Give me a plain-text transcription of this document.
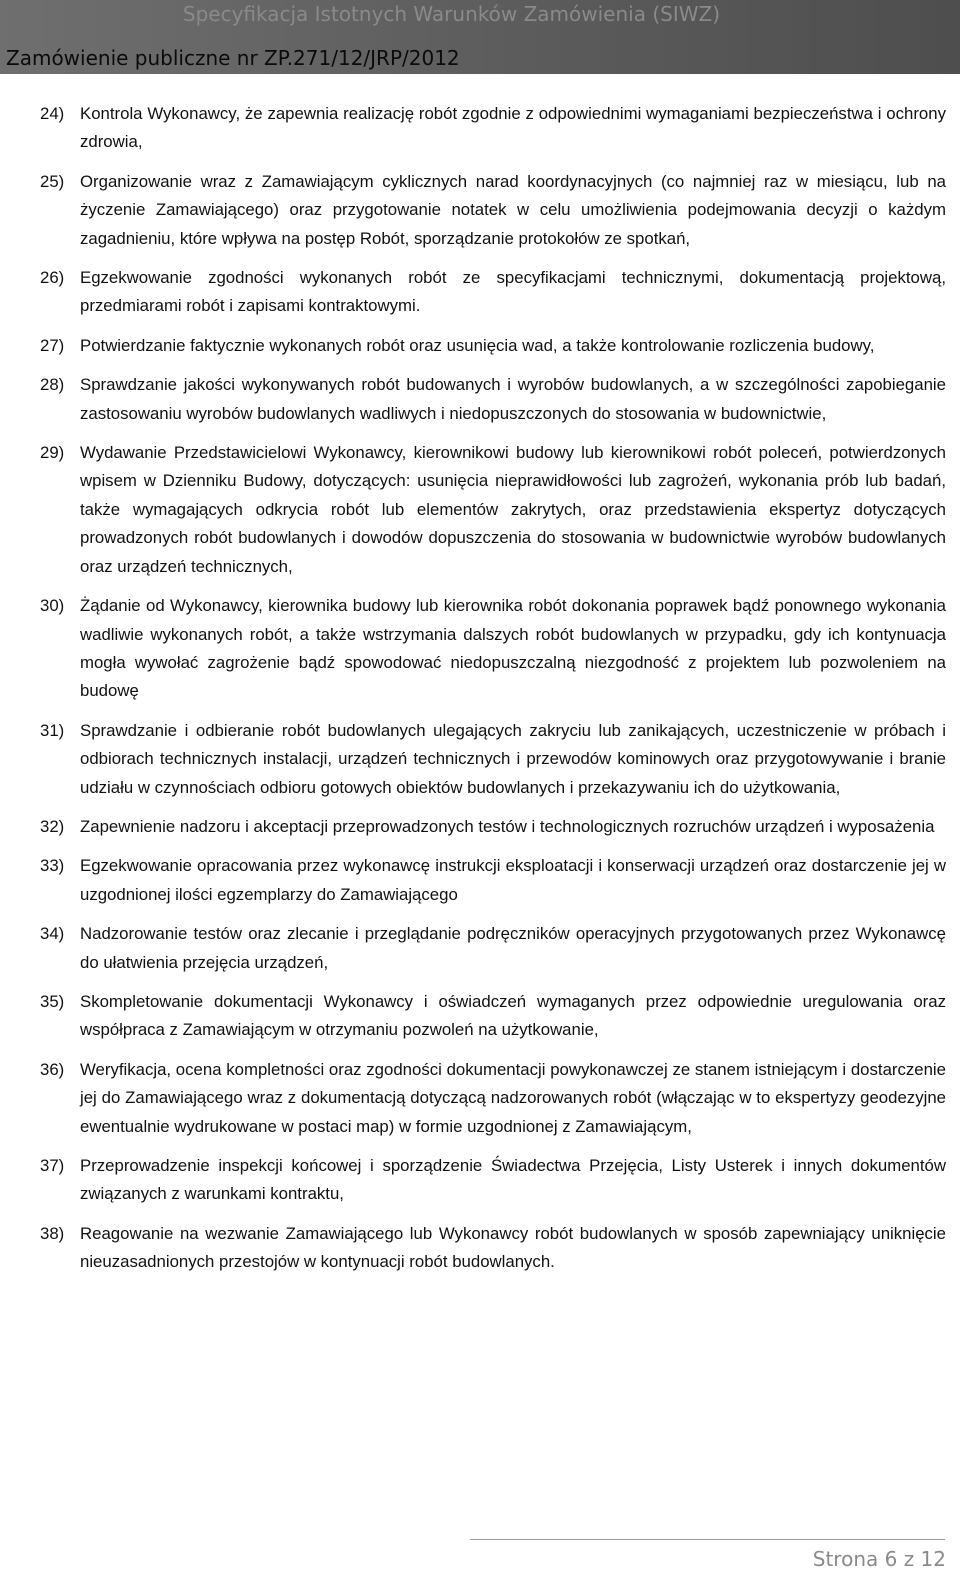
Specyfikacja Istotnych Warunków Zamówienia (SIWZ)
Zamówienie publiczne nr ZP.271/12/JRP/2012
24) Kontrola Wykonawcy, że zapewnia realizację robót zgodnie z odpowiednimi wymaganiami bezpieczeństwa i ochrony zdrowia,
25) Organizowanie wraz z Zamawiającym cyklicznych narad koordynacyjnych (co najmniej raz w miesiącu, lub na życzenie Zamawiającego) oraz przygotowanie notatek w celu umożliwienia podejmowania decyzji o każdym zagadnieniu, które wpływa na postęp Robót, sporządzanie protokołów ze spotkań,
26) Egzekwowanie zgodności wykonanych robót ze specyfikacjami technicznymi, dokumentacją projektową, przedmiarami robót i zapisami kontraktowymi.
27) Potwierdzanie faktycznie wykonanych robót oraz usunięcia wad, a także kontrolowanie rozliczenia budowy,
28) Sprawdzanie jakości wykonywanych robót budowanych i wyrobów budowlanych, a w szczególności zapobieganie zastosowaniu wyrobów budowlanych wadliwych i niedopuszczonych do stosowania w budownictwie,
29) Wydawanie Przedstawicielowi Wykonawcy, kierownikowi budowy lub kierownikowi robót poleceń, potwierdzonych wpisem w Dzienniku Budowy, dotyczących: usunięcia nieprawidłowości lub zagrożeń, wykonania prób lub badań, także wymagających odkrycia robót lub elementów zakrytych, oraz przedstawienia ekspertyz dotyczących prowadzonych robót budowlanych i dowodów dopuszczenia do stosowania w budownictwie wyrobów budowlanych oraz urządzeń technicznych,
30) Żądanie od Wykonawcy, kierownika budowy lub kierownika robót dokonania poprawek bądź ponownego wykonania wadliwie wykonanych robót, a także wstrzymania dalszych robót budowlanych w przypadku, gdy ich kontynuacja mogła wywołać zagrożenie bądź spowodować niedopuszczalną niezgodność z projektem lub pozwoleniem na budowę
31) Sprawdzanie i odbieranie robót budowlanych ulegających zakryciu lub zanikających, uczestniczenie w próbach i odbiorach technicznych instalacji, urządzeń technicznych i przewodów kominowych oraz przygotowywanie i branie udziału w czynnościach odbioru gotowych obiektów budowlanych i przekazywaniu ich do użytkowania,
32) Zapewnienie nadzoru i akceptacji przeprowadzonych testów i technologicznych rozruchów urządzeń i wyposażenia
33) Egzekwowanie opracowania przez wykonawcę instrukcji eksploatacji i konserwacji urządzeń oraz dostarczenie jej w uzgodnionej ilości egzemplarzy do Zamawiającego
34) Nadzorowanie testów oraz zlecanie i przeglądanie podręczników operacyjnych przygotowanych przez Wykonawcę do ułatwienia przejęcia urządzeń,
35) Skompletowanie dokumentacji Wykonawcy i oświadczeń wymaganych przez odpowiednie uregulowania oraz współpraca z Zamawiającym w otrzymaniu pozwoleń na użytkowanie,
36) Weryfikacja, ocena kompletności oraz zgodności dokumentacji powykonawczej ze stanem istniejącym i dostarczenie jej do Zamawiającego wraz z dokumentacją dotyczącą nadzorowanych robót (włączając w to ekspertyzy geodezyjne ewentualnie wydrukowane w postaci map) w formie uzgodnionej z Zamawiającym,
37) Przeprowadzenie inspekcji końcowej i sporządzenie Świadectwa Przejęcia, Listy Usterek i innych dokumentów związanych z warunkami kontraktu,
38) Reagowanie na wezwanie Zamawiającego lub Wykonawcy robót budowlanych w sposób zapewniający uniknięcie nieuzasadnionych przestojów w kontynuacji robót budowlanych.
Strona 6 z 12
